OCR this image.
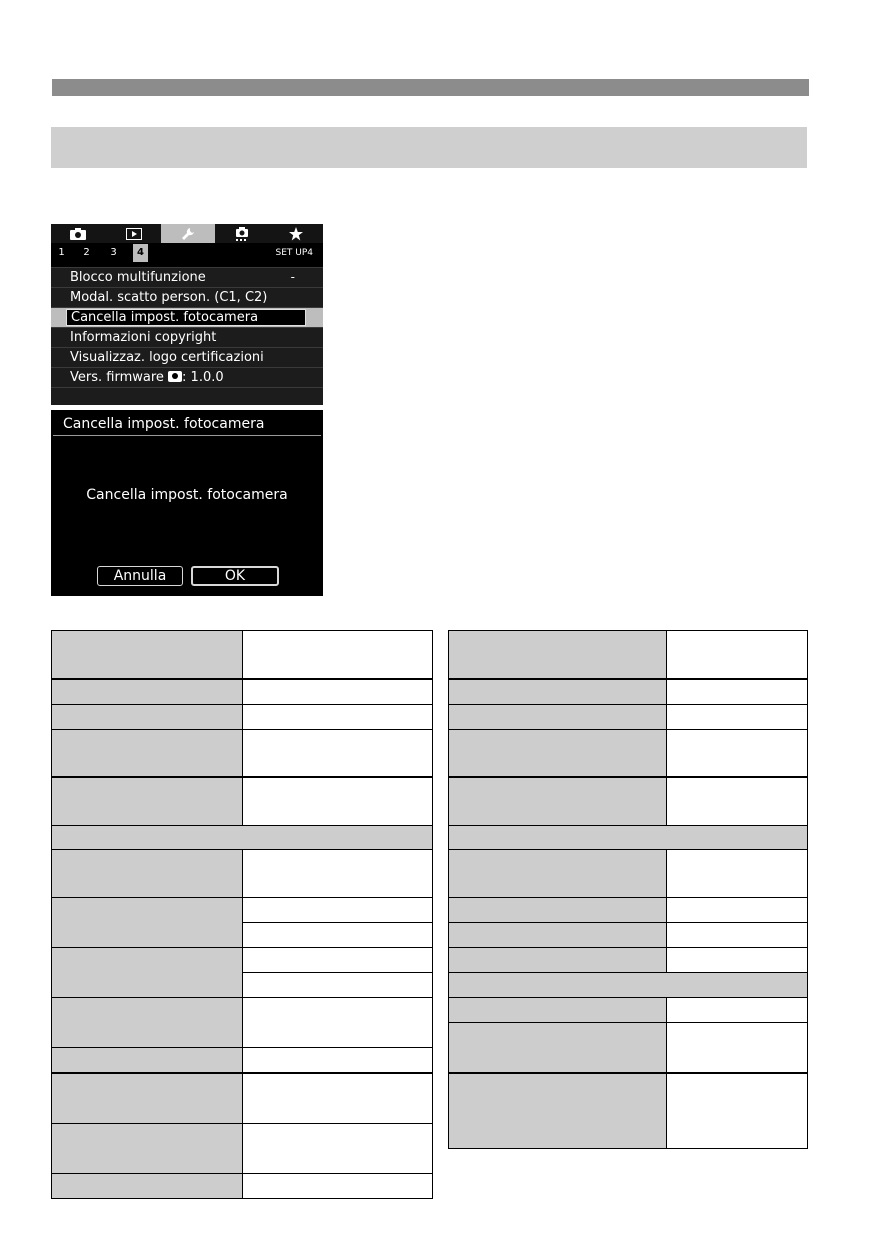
1	2	3	4	SET UP4
Blocco multifunzione	-
Modal. scatto person. (C1, C2)
Cancella impost. fotocamera
Informazioni copyright
Visualizzaz. logo certificazioni
Vers. firmware : 1.0.0
Cancella impost. fotocamera
Cancella impost. fotocamera
Annulla	OK
